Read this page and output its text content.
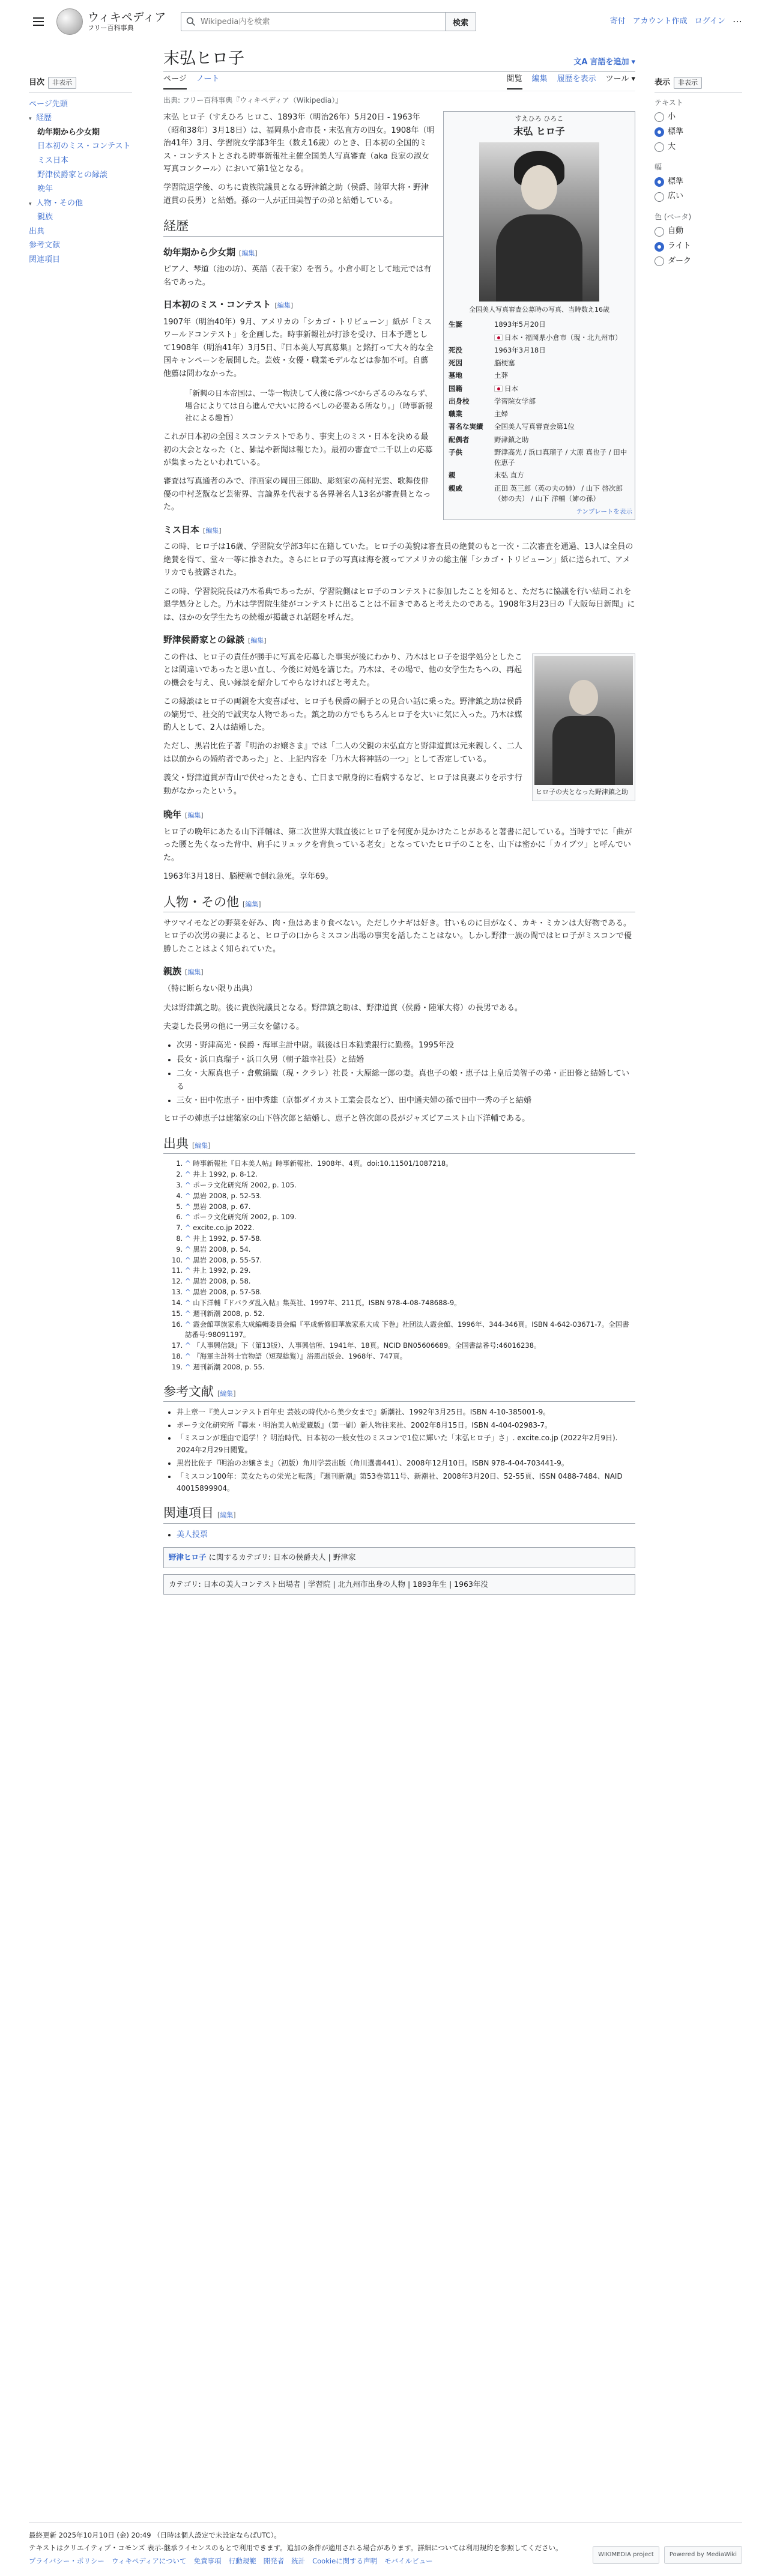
ウィキペディア
フリー百科事典
Wikipedia内を検索
検索	寄付 アカウント作成 ログイン ⋯
目次	非表示
ページ先頭
▾ 経歴
幼年期から少女期
日本初のミス・コンテスト
ミス日本
野津侯爵家との縁談
晩年
▾ 人物・その他
親族
出典
参考文献
関連項目
末弘ヒロ子	文A 言語を追加 ▾
ページ ノート	閲覧 編集 履歴を表示 ツール ▾
出典: フリー百科事典『ウィキペディア（Wikipedia）』
すえひろ ひろこ
末弘 ヒロ子
全国美人写真審査公募時の写真、当時数え16歳
生誕	1893年5月20日
	日本・福岡県小倉市（現・北九州市）
死没	1963年3月18日
死因	脳梗塞
墓地	土葬
国籍	日本
出身校	学習院女学部
職業	主婦
著名な実績	全国美人写真審査会第1位
配偶者	野津鎮之助
子供	野津高光 / 浜口真瑠子 / 大原 真也子 / 田中 佐恵子
親	末弘 直方
親戚	正田 英三郎（英の夫の姉） / 山下 啓次郎（姉の夫） / 山下 洋輔（姉の孫）
テンプレートを表示

末弘 ヒロ子（すえひろ ヒロこ、1893年（明治26年）5月20日 - 1963年（昭和38年）3月18日）は、福岡県小倉市長・末弘直方の四女。1908年（明治41年）3月、学習院女学部3年生（数え16歳）のとき、日本初の全国的ミス・コンテストとされる時事新報社主催全国美人写真審査（aka 良家の淑女写真コンクール）において第1位となる。

学習院退学後、のちに貴族院議員となる野津鎮之助（侯爵、陸軍大将・野津道貫の長男）と結婚。孫の一人が正田美智子の弟と結婚している。

経歴
幼年期から少女期 [編集]

ピアノ、琴道（池の坊）、英語（表千家）を習う。小倉小町として地元では有名であった。

日本初のミス・コンテスト [編集]

1907年（明治40年）9月、アメリカの「シカゴ・トリビューン」紙が「ミスワールドコンテスト」を企画した。時事新報社が打診を受け、日本予選として1908年（明治41年）3月5日、『日本美人写真募集』と銘打って大々的な全国キャンペーンを展開した。芸妓・女優・職業モデルなどは参加不可。自薦他薦は問わなかった。

「新興の日本帝国は、一等一物決して人後に落つべからざるのみならず、場合によりては自ら進んで大いに誇るべしの必要ある所なり。」（時事新報社による趣旨）

これが日本初の全国ミスコンテストであり、事実上のミス・日本を決める最初の大会となった（と、雑誌や新聞は報じた）。最初の審査で二千以上の応募が集まったといわれている。

審査は写真通者のみで、洋画家の岡田三郎助、彫刻家の高村光雲、歌舞伎俳優の中村芝翫など芸術界、言論界を代表する各界著名人13名が審査員となった。

ミス日本 [編集]

この時、ヒロ子は16歳、学習院女学部3年に在籍していた。ヒロ子の美貌は審査員の絶賛のもと一次・二次審査を通過、13人は全員の絶賛を得て、堂々一等に推された。さらにヒロ子の写真は海を渡ってアメリカの総主催「シカゴ・トリビューン」紙に送られて、アメリカでも披露された。

この時、学習院院長は乃木希典であったが、学習院側はヒロ子のコンテストに参加したことを知ると、ただちに協議を行い結局これを退学処分とした。乃木は学習院生徒がコンテストに出ることは不届きであると考えたのである。1908年3月23日の『大阪毎日新聞』には、ほかの女学生たちの続報が掲載され話題を呼んだ。

野津侯爵家との縁談 [編集]
ヒロ子の夫となった野津鎮之助

この件は、ヒロ子の責任が勝手に写真を応募した事実が後にわかり、乃木はヒロ子を退学処分としたことは間違いであったと思い直し、今後に対処を講じた。乃木は、その場で、他の女学生たちへの、再起の機会を与え、良い縁談を紹介してやらなければと考えた。

この縁談はヒロ子の両親を大変喜ばせ、ヒロ子も侯爵の嗣子との見合い話に乗った。野津鎮之助は侯爵の嫡男で、社交的で誠実な人物であった。鎮之助の方でもちろんヒロ子を大いに気に入った。乃木は媒酌人として、2人は結婚した。

ただし、黒岩比佐子著『明治のお嬢さま』では「二人の父親の末弘直方と野津道貫は元来親しく、二人は以前からの婚約者であった」と、上記内容を「乃木大将神話の一つ」として否定している。

義父・野津道貫が青山で伏せったときも、亡日まで献身的に看病するなど、ヒロ子は良妻ぶりを示す行動がなかったという。

晩年 [編集]

ヒロ子の晩年にあたる山下洋輔は、第二次世界大戦直後にヒロ子を何度か見かけたことがあると著書に記している。当時すでに「曲がった腰と先くなった背中、肩手にリュックを背負っている老女」となっていたヒロ子のことを、山下は密かに「カイブツ」と呼んでいた。

1963年3月18日、脳梗塞で倒れ急死。享年69。

人物・その他 [編集]

サツマイモなどの野菜を好み、肉・魚はあまり食べない。ただしウナギは好き。甘いものに目がなく、カキ・ミカンは大好物である。ヒロ子の次男の妻によると、ヒロ子の口からミスコン出場の事実を話したことはない。しかし野津一族の間ではヒロ子がミスコンで優勝したことはよく知られていた。

親族 [編集]

（特に断らない限り出典）

夫は野津鎮之助。後に貴族院議員となる。野津鎮之助は、野津道貫（侯爵・陸軍大将）の長男である。

夫妻した長男の他に一男三女を儲ける。

• 次男・野津高光・侯爵・海軍主計中尉。戦後は日本勧業銀行に勤務。1995年没
• 長女・浜口真瑠子・浜口久男（朝子雄幸社長）と結婚
• 二女・大原真也子・倉敷絹織（現・クラレ）社長・大原総一郎の妻。真也子の娘・恵子は上皇后美智子の弟・正田修と結婚している
• 三女・田中佐恵子・田中秀雄（京都ダイカスト工業会長など）、田中通夫婦の孫で田中一秀の子と結婚

ヒロ子の姉恵子は建築家の山下啓次郎と結婚し、恵子と啓次郎の長がジャズピアニスト山下洋輔である。

出典 [編集]
1. ^ 時事新報社『日本美人帖』時事新報社、1908年、4頁。doi:10.11501/1087218。
2. ^ 井上 1992, p. 8-12.
3. ^ ポーラ文化研究所 2002, p. 105.
4. ^ 黒岩 2008, p. 52-53.
5. ^ 黒岩 2008, p. 67.
6. ^ ポーラ文化研究所 2002, p. 109.
7. ^ excite.co.jp 2022.
8. ^ 井上 1992, p. 57-58.
9. ^ 黒岩 2008, p. 54.
10. ^ 黒岩 2008, p. 55-57.
11. ^ 井上 1992, p. 29.
12. ^ 黒岩 2008, p. 58.
13. ^ 黒岩 2008, p. 57-58.
14. ^ 山下洋輔『ドバラダ乱入帖』集英社、1997年、211頁。ISBN 978-4-08-748688-9。
15. ^ 週刊新潮 2008, p. 52.
16. ^ 霞会館華族家系大成編輯委員会編『平成新修旧華族家系大成 下巻』社団法人霞会館、1996年、344-346頁。ISBN 4-642-03671-7。全国書誌番号:98091197。
17. ^ 『人事興信録』下（第13版）、人事興信所、1941年、18頁。NCID BN05606689。全国書誌番号:46016238。
18. ^ 『海軍主計科士官物語（短現総覧）』浴恩出版会、1968年、747頁。
19. ^ 週刊新潮 2008, p. 55.
参考文献 [編集]
• 井上章一『美人コンテスト百年史 芸妓の時代から美少女まで』新潮社、1992年3月25日。ISBN 4-10-385001-9。
• ポーラ文化研究所『幕末・明治美人帖愛蔵版』（第一刷）新人物往来社、2002年8月15日。ISBN 4-404-02983-7。
• 「ミスコンが理由で退学！？明治時代、日本初の一般女性のミスコンで1位に輝いた「末弘ヒロ子」さ」. excite.co.jp (2022年2月9日). 2024年2月29日閲覧。
• 黒岩比佐子『明治のお嬢さま』（初版）角川学芸出版（角川選書441）、2008年12月10日。ISBN 978-4-04-703441-9。
• 「ミスコン100年：美女たちの栄光と転落」『週刊新潮』第53巻第11号、新潮社、2008年3月20日、52-55頁、ISSN 0488-7484、NAID 40015899904。
関連項目 [編集]
• 美人投票
野津ヒロ子 に関するカテゴリ: 日本の侯爵夫人 | 野津家
カテゴリ: 日本の美人コンテスト出場者 | 学習院 | 北九州市出身の人物 | 1893年生 | 1963年没
表示	非表示
テキスト
小
標準
大
幅
標準
広い
色 (ベータ)
自動
ライト
ダーク

最終更新 2025年10月10日 (金) 20:49 （日時は個人設定で未設定ならばUTC）。

テキストはクリエイティブ・コモンズ 表示-継承ライセンスのもとで利用できます。追加の条件が適用される場合があります。詳細については利用規約を参照してください。

プライバシー・ポリシー ウィキペディアについて 免責事項 行動規範 開発者 統計 Cookieに関する声明 モバイルビュー
WIKIMEDIA project	Powered by MediaWiki
